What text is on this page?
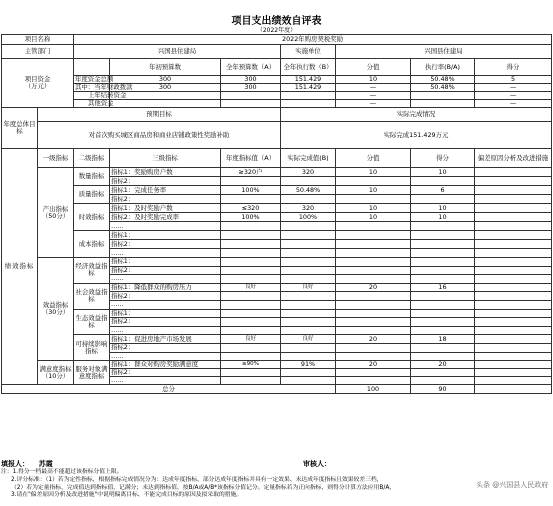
项目支出绩效自评表
（2022年度）
项目名称		2022年购房契税奖励						
主管部门		兴国县住建局			实施单位	兴国县住建局		
项目资金
（万元）			年初预算数	全年预算数（A）	全年执行数（B）	分值	执行率(B/A)	得分
		年度资金总额	300	300	151.429	10	50.48%	5
		其中：当年财政拨款	300	300	151.429	—	50.48%	—
		上年结转资金				—		—
		其他资金				—		—
年度总体目标	预期目标				实际完成情况			
	对首次购买城区商品房和商业店铺政策性奖励补助				实际完成151.429万元			
绩效指标	一级指标	二级指标	三级指标	年度指标值（A）	实际完成值(B)	分值	得分	偏差原因分析及改进措施
	产出指标（50分）	数量指标	指标1：奖励购房户数	≥320户	320	10	10	
			指标2：					
		质量指标	指标1：完成任务率	100%	50.48%	10	6	
			指标2：					
		时效指标	指标1：及时奖励户数	≤320	320	10	10	
			指标2：及时奖励完成率	100%	100%	10	10	
			……					
		成本指标	指标1：					
			指标2：					
			……					
	效益指标（30分）	经济效益指标	指标1：					
			指标2：					
			……					
		社会效益指标	指标1：降低群众的购房压力	良好	良好	20	16	
			指标2：					
			……					
		生态效益指标	指标1：					
			指标2：					
			……					
		可持续影响指标	指标1：促进房地产市场发展	良好	良好	20	18	
			指标2：					
			……					
	满意度指标（10分）	服务对象满意度指标	指标1：群众对购房奖励满意度	≥90%	91%	20	20	
			指标2：					
			……					
总分						100	90	
填报人： 苏霞	审核人：
注：1.得分一档最高不能超过该指标分值上限。
2.评分标准：（1）若为定性指标，根据指标完成情况分为：达成年度指标、部分达成年度指标并具有一定效果、未达成年度指标且效果较差三档，
（2）若为定量指标，完成值达到指标值，记满分；未达到指标值，按B/A或A/B*该指标分值记分。定量指标若为正向指标，则得分计算方法应用B/A，
3.请在"偏差原因分析及改进措施"中说明偏离目标、不能完成目标的原因及拟采取的措施。
头条 @兴国县人民政府
